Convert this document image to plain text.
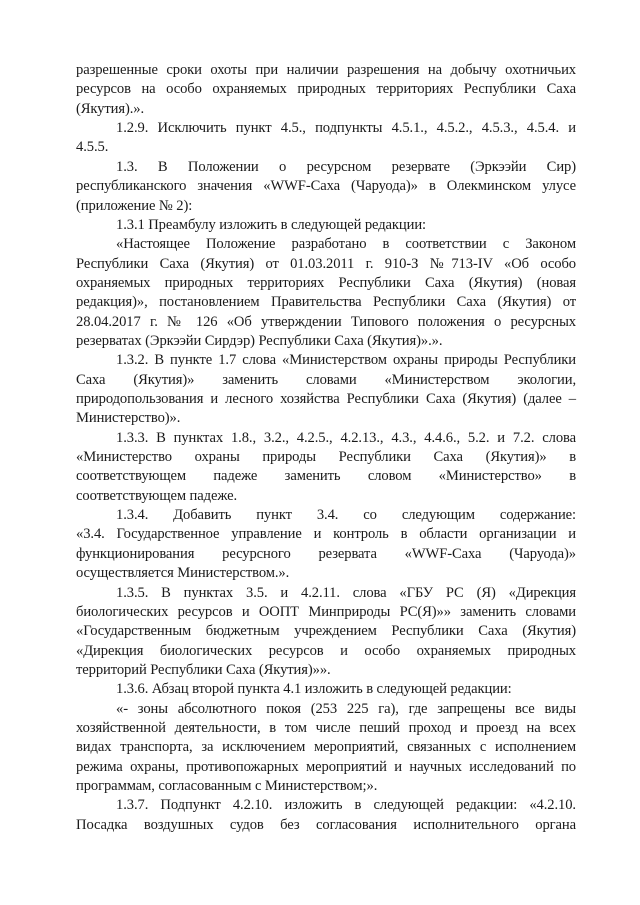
разрешенные сроки охоты при наличии разрешения на добычу охотничьих
ресурсов на особо охраняемых природных территориях Республики Саха
(Якутия).».
1.2.9. Исключить пункт 4.5., подпункты 4.5.1., 4.5.2., 4.5.3., 4.5.4. и
4.5.5.
1.3. В Положении о ресурсном резервате (Эркээйи Сир)
республиканского значения «WWF-Саха (Чаруода)» в Олекминском улусе
(приложение № 2):
1.3.1 Преамбулу изложить в следующей редакции:
«Настоящее Положение разработано в соответствии с Законом
Республики Саха (Якутия) от 01.03.2011 г. 910-З №713-IV «Об особо
охраняемых природных территориях Республики Саха (Якутия) (новая
редакция)», постановлением Правительства Республики Саха (Якутия) от
28.04.2017 г. № 126 «Об утверждении Типового положения о ресурсных
резерватах (Эркээйи Сирдэр) Республики Саха (Якутия)».».
1.3.2. В пункте 1.7 слова «Министерством охраны природы Республики
Саха (Якутия)» заменить словами «Министерством экологии,
природопользования и лесного хозяйства Республики Саха (Якутия) (далее –
Министерство)».
1.3.3. В пунктах 1.8., 3.2., 4.2.5., 4.2.13., 4.3., 4.4.6., 5.2. и 7.2. слова
«Министерство охраны природы Республики Саха (Якутия)» в
соответствующем падеже заменить словом «Министерство» в
соответствующем падеже.
1.3.4. Добавить пункт 3.4. со следующим содержание:
«3.4. Государственное управление и контроль в области организации и
функционирования ресурсного резервата «WWF-Саха (Чаруода)»
осуществляется Министерством.».
1.3.5. В пунктах 3.5. и 4.2.11. слова «ГБУ РС (Я) «Дирекция
биологических ресурсов и ООПТ Минприроды РС(Я)»» заменить словами
«Государственным бюджетным учреждением Республики Саха (Якутия)
«Дирекция биологических ресурсов и особо охраняемых природных
территорий Республики Саха (Якутия)»».
1.3.6. Абзац второй пункта 4.1 изложить в следующей редакции:
«- зоны абсолютного покоя (253 225 га), где запрещены все виды
хозяйственной деятельности, в том числе пеший проход и проезд на всех
видах транспорта, за исключением мероприятий, связанных с исполнением
режима охраны, противопожарных мероприятий и научных исследований по
программам, согласованным с Министерством;».
1.3.7. Подпункт 4.2.10. изложить в следующей редакции: «4.2.10.
Посадка воздушных судов без согласования исполнительного органа
